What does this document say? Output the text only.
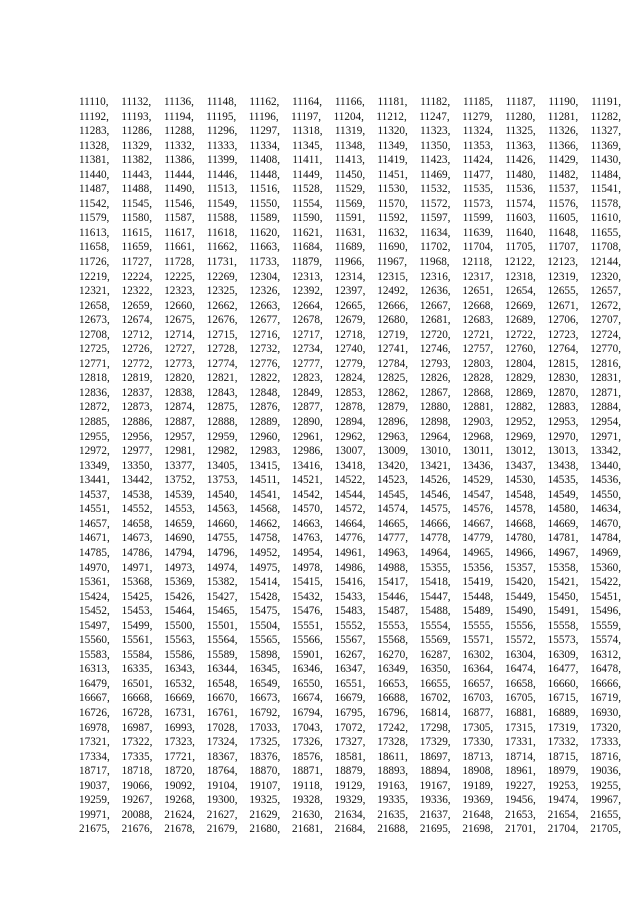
11110, 11132, 11136, 11148, 11162, 11164, 11166, 11181, 11182, 11185, 11187, 11190, 11191,
11192, 11193, 11194, 11195, 11196, 11197, 11204, 11212, 11247, 11279, 11280, 11281, 11282,
11283, 11286, 11288, 11296, 11297, 11318, 11319, 11320, 11323, 11324, 11325, 11326, 11327,
11328, 11329, 11332, 11333, 11334, 11345, 11348, 11349, 11350, 11353, 11363, 11366, 11369,
11381, 11382, 11386, 11399, 11408, 11411, 11413, 11419, 11423, 11424, 11426, 11429, 11430,
11440, 11443, 11444, 11446, 11448, 11449, 11450, 11451, 11469, 11477, 11480, 11482, 11484,
11487, 11488, 11490, 11513, 11516, 11528, 11529, 11530, 11532, 11535, 11536, 11537, 11541,
11542, 11545, 11546, 11549, 11550, 11554, 11569, 11570, 11572, 11573, 11574, 11576, 11578,
11579, 11580, 11587, 11588, 11589, 11590, 11591, 11592, 11597, 11599, 11603, 11605, 11610,
11613, 11615, 11617, 11618, 11620, 11621, 11631, 11632, 11634, 11639, 11640, 11648, 11655,
11658, 11659, 11661, 11662, 11663, 11684, 11689, 11690, 11702, 11704, 11705, 11707, 11708,
11726, 11727, 11728, 11731, 11733, 11879, 11966, 11967, 11968, 12118, 12122, 12123, 12144,
12219, 12224, 12225, 12269, 12304, 12313, 12314, 12315, 12316, 12317, 12318, 12319, 12320,
12321, 12322, 12323, 12325, 12326, 12392, 12397, 12492, 12636, 12651, 12654, 12655, 12657,
12658, 12659, 12660, 12662, 12663, 12664, 12665, 12666, 12667, 12668, 12669, 12671, 12672,
12673, 12674, 12675, 12676, 12677, 12678, 12679, 12680, 12681, 12683, 12689, 12706, 12707,
12708, 12712, 12714, 12715, 12716, 12717, 12718, 12719, 12720, 12721, 12722, 12723, 12724,
12725, 12726, 12727, 12728, 12732, 12734, 12740, 12741, 12746, 12757, 12760, 12764, 12770,
12771, 12772, 12773, 12774, 12776, 12777, 12779, 12784, 12793, 12803, 12804, 12815, 12816,
12818, 12819, 12820, 12821, 12822, 12823, 12824, 12825, 12826, 12828, 12829, 12830, 12831,
12836, 12837, 12838, 12843, 12848, 12849, 12853, 12862, 12867, 12868, 12869, 12870, 12871,
12872, 12873, 12874, 12875, 12876, 12877, 12878, 12879, 12880, 12881, 12882, 12883, 12884,
12885, 12886, 12887, 12888, 12889, 12890, 12894, 12896, 12898, 12903, 12952, 12953, 12954,
12955, 12956, 12957, 12959, 12960, 12961, 12962, 12963, 12964, 12968, 12969, 12970, 12971,
12972, 12977, 12981, 12982, 12983, 12986, 13007, 13009, 13010, 13011, 13012, 13013, 13342,
13349, 13350, 13377, 13405, 13415, 13416, 13418, 13420, 13421, 13436, 13437, 13438, 13440,
13441, 13442, 13752, 13753, 14511, 14521, 14522, 14523, 14526, 14529, 14530, 14535, 14536,
14537, 14538, 14539, 14540, 14541, 14542, 14544, 14545, 14546, 14547, 14548, 14549, 14550,
14551, 14552, 14553, 14563, 14568, 14570, 14572, 14574, 14575, 14576, 14578, 14580, 14634,
14657, 14658, 14659, 14660, 14662, 14663, 14664, 14665, 14666, 14667, 14668, 14669, 14670,
14671, 14673, 14690, 14755, 14758, 14763, 14776, 14777, 14778, 14779, 14780, 14781, 14784,
14785, 14786, 14794, 14796, 14952, 14954, 14961, 14963, 14964, 14965, 14966, 14967, 14969,
14970, 14971, 14973, 14974, 14975, 14978, 14986, 14988, 15355, 15356, 15357, 15358, 15360,
15361, 15368, 15369, 15382, 15414, 15415, 15416, 15417, 15418, 15419, 15420, 15421, 15422,
15424, 15425, 15426, 15427, 15428, 15432, 15433, 15446, 15447, 15448, 15449, 15450, 15451,
15452, 15453, 15464, 15465, 15475, 15476, 15483, 15487, 15488, 15489, 15490, 15491, 15496,
15497, 15499, 15500, 15501, 15504, 15551, 15552, 15553, 15554, 15555, 15556, 15558, 15559,
15560, 15561, 15563, 15564, 15565, 15566, 15567, 15568, 15569, 15571, 15572, 15573, 15574,
15583, 15584, 15586, 15589, 15898, 15901, 16267, 16270, 16287, 16302, 16304, 16309, 16312,
16313, 16335, 16343, 16344, 16345, 16346, 16347, 16349, 16350, 16364, 16474, 16477, 16478,
16479, 16501, 16532, 16548, 16549, 16550, 16551, 16653, 16655, 16657, 16658, 16660, 16666,
16667, 16668, 16669, 16670, 16673, 16674, 16679, 16688, 16702, 16703, 16705, 16715, 16719,
16726, 16728, 16731, 16761, 16792, 16794, 16795, 16796, 16814, 16877, 16881, 16889, 16930,
16978, 16987, 16993, 17028, 17033, 17043, 17072, 17242, 17298, 17305, 17315, 17319, 17320,
17321, 17322, 17323, 17324, 17325, 17326, 17327, 17328, 17329, 17330, 17331, 17332, 17333,
17334, 17335, 17721, 18367, 18376, 18576, 18581, 18611, 18697, 18713, 18714, 18715, 18716,
18717, 18718, 18720, 18764, 18870, 18871, 18879, 18893, 18894, 18908, 18961, 18979, 19036,
19037, 19066, 19092, 19104, 19107, 19118, 19129, 19163, 19167, 19189, 19227, 19253, 19255,
19259, 19267, 19268, 19300, 19325, 19328, 19329, 19335, 19336, 19369, 19456, 19474, 19967,
19971, 20088, 21624, 21627, 21629, 21630, 21634, 21635, 21637, 21648, 21653, 21654, 21655,
21675, 21676, 21678, 21679, 21680, 21681, 21684, 21688, 21695, 21698, 21701, 21704, 21705,
